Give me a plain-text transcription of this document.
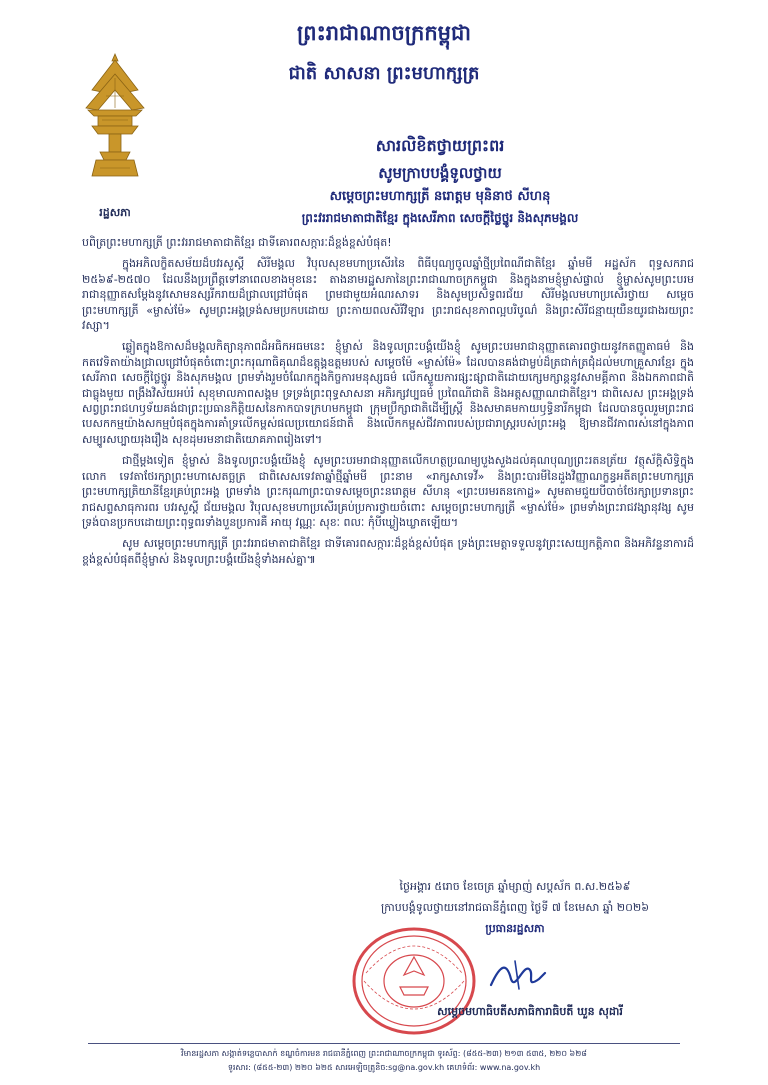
ព្រះរាជាណាចក្រកម្ពុជា
ជាតិ សាសនា ព្រះមហាក្សត្រ
រដ្ឋសភា
សារលិខិតថ្វាយព្រះពរ
សូមក្រាបបង្គំទូលថ្វាយ
សម្តេចព្រះមហាក្សត្រី នរោត្តម មុនិនាថ សីហនុ
ព្រះវររាជមាតាជាតិខ្មែរ ក្នុងសេរីភាព សេចក្តីថ្លៃថ្នូរ និងសុភមង្គល

បពិត្រព្រះមហាក្សត្រី ព្រះវររាជមាតាជាតិខ្មែរ ជាទីគោរពសក្ការៈដ៏ខ្ពង់ខ្ពស់បំផុត!

ក្នុងអភិលក្ខិតសម័យដ៏បវរសួស្តី សិរីមង្គល វិបុលសុខមហាប្រសើរនៃ ពិធីបុណ្យចូលឆ្នាំថ្មីប្រពៃណីជាតិខ្មែរ ឆ្នាំមមី អដ្ឋស័ក ពុទ្ធសករាជ ២៥៦៩-២៥៧០ ដែលនឹងប្រព្រឹត្តទៅនាពេលខាងមុខនេះ តាងនាមរដ្ឋសភានៃព្រះរាជាណាចក្រកម្ពុជា និងក្នុងនាមខ្ញុំម្ចាស់ផ្ទាល់ ខ្ញុំម្ចាស់សូមព្រះបរមរាជានុញ្ញាតសម្តែងនូវសោមនស្សរីករាយដ៏ជ្រាលជ្រៅបំផុត ព្រមជាមួយអំណរសាទរ និងសូមប្រសិទ្ធពរជ័យ សិរីមង្គលមហាប្រសើរថ្វាយ សម្តេចព្រះមហាក្សត្រី «ម្ចាស់ម៉ែ» សូមព្រះអង្គទ្រង់សមប្រកបដោយ ព្រះកាយពលសិរីវិឡារ ព្រះរាជសុខភាពល្អបរិបូណ៌ និងព្រះសិរីជន្មាយុយឺនយូរជាងរយព្រះវស្សា។

ឆ្លៀតក្នុងឱកាសដ៏មង្គលកិត្យានុភាពដ៏អធិកអធមនេះ ខ្ញុំម្ចាស់ និងទូលព្រះបង្គំយើងខ្ញុំ សូមព្រះបរមរាជានុញ្ញាតគោរពថ្វាយនូវកតញ្ញូតាធម៌ និងកតវេទិតាយ៉ាងជ្រាលជ្រៅបំផុតចំពោះព្រះករុណាធិគុណដ៏ឧត្តុង្គឧត្តមរបស់ សម្តេចម៉ែ «ម្ចាស់ម៉ែ» ដែលបានគង់ជាម្លប់ដ៏ត្រជាក់ត្រជុំដល់មហាគ្រួសារខ្មែរ ក្នុងសេរីភាព សេចក្តីថ្លៃថ្នូរ និងសុភមង្គល ព្រមទាំងរួមចំណែកក្នុងកិច្ចការមនុស្សធម៌ លើកស្ទួយការផ្សះផ្សាជាតិដោយក្សេមក្សាន្តនូវសាមគ្គីភាព និងឯកភាពជាតិជាធ្លុងមួយ ពង្រឹងវិស័យអប់រំ សុខុមាលភាពសង្គម ទ្រទ្រង់ព្រះពុទ្ធសាសនា អភិរក្សវប្បធម៌ ប្រពៃណីជាតិ និងអត្តសញ្ញាណជាតិខ្មែរ។ ជាពិសេស ព្រះអង្គទ្រង់សព្វព្រះរាជហឫទ័យគង់ជាព្រះប្រធានកិត្តិយសនៃកាកបាទក្រហមកម្ពុជា ក្រុមប្រឹក្សាជាតិដើម្បីស្ត្រី និងសមាគមកាយឫទ្ធិនារីកម្ពុជា ដែលបានចូលរួមព្រះរាជបេសកកម្មយ៉ាងសកម្មបំផុតក្នុងការគាំទ្រលើកម្ពស់ផលប្រយោជន៍ជាតិ និងលើកកម្ពស់ជីវភាពរបស់ប្រជារាស្ត្ររបស់ព្រះអង្គ ឱ្យមានជីវភាពរស់នៅក្នុងភាពសម្បូរសប្បាយរុងរឿង សុខដុមរមនាជាតិយោគភាពរៀងទៅ។

ជាថ្មីម្តងទៀត ខ្ញុំម្ចាស់ និងទូលព្រះបង្គំយើងខ្ញុំ សូមព្រះបរមរាជានុញ្ញាតលើកហត្ថប្រណម្យបួងសួងដល់គុណបុណ្យព្រះរតនត្រ័យ វត្ថុស័ក្តិសិទ្ធិក្នុងលោក ទេវតាថែរក្សាព្រះមហាសេតច្ឆត្រ ជាពិសេសទេវតាឆ្នាំថ្មីឆ្នាំមមី ព្រះនាម «រាក្សសាទេវី» និងព្រះបារមីនៃដួងវិញ្ញាណក្ខន្ធអតីតព្រះមហាក្សត្រ ព្រះមហាក្សត្រិយានីខ្មែរគ្រប់ព្រះអង្គ ព្រមទាំង ព្រះករុណាព្រះបាទសម្តេចព្រះនរោត្តម សីហនុ «ព្រះបរមរតនកោដ្ឋ» សូមតាមជួយបីបាច់ថែរក្សាប្រទានព្រះរាជសព្ទសាធុការពរ បវរសួស្តី ជ័យមង្គល វិបុលសុខមហាប្រសើរគ្រប់ប្រការថ្វាយចំពោះ សម្តេចព្រះមហាក្សត្រី «ម្ចាស់ម៉ែ» ព្រមទាំងព្រះរាជវង្សានុវង្ស សូមទ្រង់បានប្រកបដោយព្រះពុទ្ធពរទាំងបួនប្រការគឺ អាយុ វណ្ណៈ សុខៈ ពលៈ កុំបីឃ្លៀងឃ្លាតឡើយ។

សូម សម្តេចព្រះមហាក្សត្រី ព្រះវររាជមាតាជាតិខ្មែរ ជាទីគោរពសក្ការៈដ៏ខ្ពង់ខ្ពស់បំផុត ទ្រង់ព្រះមេត្តាទទួលនូវព្រះសេយ្យកត្តិភាព និងអភិវន្ទនាការដ៏ខ្ពង់ខ្ពស់បំផុតពីខ្ញុំម្ចាស់ និងទូលព្រះបង្គំយើងខ្ញុំទាំងអស់គ្នា៕

ថ្ងៃអង្គារ ៥រោច ខែចេត្រ ឆ្នាំម្សាញ់ សប្តស័ក ព.ស.២៥៦៩
ក្រាបបង្គំទូលថ្វាយនៅរាជធានីភ្នំពេញ ថ្ងៃទី ៧ ខែមេសា ឆ្នាំ ២០២៦
ប្រធានរដ្ឋសភា
សម្តេចមហាធិបតីសភាធិការាធិបតី ឃួន សុដារី
វិមានរដ្ឋសភា សង្កាត់ទន្លេបាសាក់ ខណ្ឌចំការមន រាជធានីភ្នំពេញ ព្រះរាជាណាចក្រកម្ពុជា ទូរស័ព្ទ: (៨៥៥-២៣) ២១៣ ៥៣៥, ២២០ ៦២៨
ទូរសារ: (៨៥៥-២៣) ២២០ ៦២៥ សារអេឡិចត្រូនិច:sg@na.gov.kh គេហទំព័រ: www.na.gov.kh
